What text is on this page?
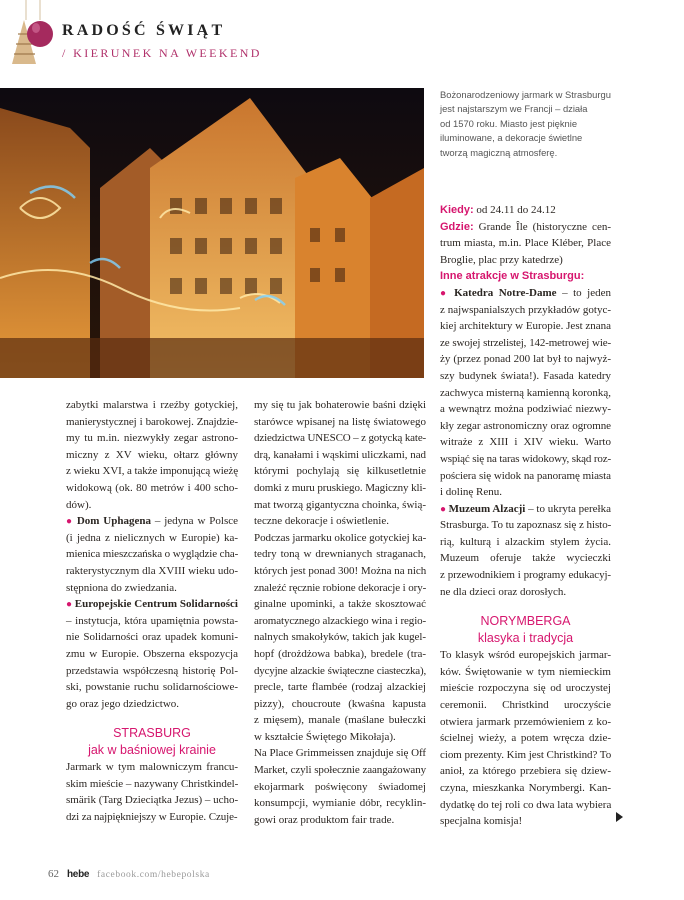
RADOŚĆ ŚWIĄT
/ KIERUNEK NA WEEKEND
Bożonarodzeniowy jarmark w Strasburgu
jest najstarszym we Francji – działa
od 1570 roku. Miasto jest pięknie
iluminowane, a dekoracje świetlne
tworzą magiczną atmosferę.
zabytki malarstwa i rzeźby gotyckiej,
manierystycznej i barokowej. Znajdzie-
my tu m.in. niezwykły zegar astrono-
miczny z XV wieku, ołtarz główny
z wieku XVI, a także imponującą wieżę
widokową (ok. 80 metrów i 400 scho-
dów).
● Dom Uphagena – jedyna w Polsce
(i jedna z nielicznych w Europie) ka-
mienica mieszczańska o wyglądzie cha-
rakterystycznym dla XVIII wieku udo-
stępniona do zwiedzania.
● Europejskie Centrum Solidarności
– instytucja, która upamiętnia powsta-
nie Solidarności oraz upadek komuni-
zmu w Europie. Obszerna ekspozycja
przedstawia współczesną historię Pol-
ski, powstanie ruchu solidarnościowe-
go oraz jego dziedzictwo.
STRASBURG
jak w baśniowej krainie
Jarmark w tym malowniczym francu-
skim mieście – nazywany Christkindel-
smärik (Targ Dzieciątka Jezus) – ucho-
dzi za najpiękniejszy w Europie. Czuje-
my się tu jak bohaterowie baśni dzięki
starówce wpisanej na listę światowego
dziedzictwa UNESCO – z gotycką kate-
drą, kanałami i wąskimi uliczkami, nad
którymi pochylają się kilkusetletnie
domki z muru pruskiego. Magiczny kli-
mat tworzą gigantyczna choinka, świą-
teczne dekoracje i oświetlenie.
Podczas jarmarku okolice gotyckiej ka-
tedry toną w drewnianych straganach,
których jest ponad 300! Można na nich
znaleźć ręcznie robione dekoracje i ory-
ginalne upominki, a także skosztować
aromatycznego alzackiego wina i regio-
nalnych smakołyków, takich jak kugel-
hopf (drożdżowa babka), bredele (tra-
dycyjne alzackie świąteczne ciasteczka),
precle, tarte flambée (rodzaj alzackiej
pizzy), choucroute (kwaśna kapusta
z mięsem), manale (maślane bułeczki
w kształcie Świętego Mikołaja).
Na Place Grimmeissen znajduje się Off
Market, czyli społecznie zaangażowany
ekojarmark poświęcony świadomej
konsumpcji, wymianie dóbr, recyklin-
gowi oraz produktom fair trade.
Kiedy: od 24.11 do 24.12
Gdzie: Grande Île (historyczne cen-
trum miasta, m.in. Place Kléber, Place
Broglie, plac przy katedrze)
Inne atrakcje w Strasburgu:
● Katedra Notre-Dame – to jeden
z najwspanialszych przykładów gotyc-
kiej architektury w Europie. Jest znana
ze swojej strzelistej, 142-metrowej wie-
ży (przez ponad 200 lat był to najwyż-
szy budynek świata!). Fasada katedry
zachwyca misterną kamienną koronką,
a wewnątrz można podziwiać niezwy-
kły zegar astronomiczny oraz ogromne
witraże z XIII i XIV wieku. Warto
wspiąć się na taras widokowy, skąd roz-
pościera się widok na panoramę miasta
i dolinę Renu.
● Muzeum Alzacji – to ukryta perełka
Strasburga. To tu zapoznasz się z histo-
rią, kulturą i alzackim stylem życia.
Muzeum oferuje także wycieczki
z przewodnikiem i programy edukacyj-
ne dla dzieci oraz dorosłych.
NORYMBERGA
klasyka i tradycja
To klasyk wśród europejskich jarmar-
ków. Świętowanie w tym niemieckim
mieście rozpoczyna się od uroczystej
ceremonii. Christkind uroczyście
otwiera jarmark przemówieniem z ko-
ścielnej wieży, a potem wręcza dzie-
ciom prezenty. Kim jest Christkind? To
anioł, za którego przebiera się dziew-
czyna, mieszkanka Norymbergi. Kan-
dydatkę do tej roli co dwa lata wybiera
specjalna komisja!
62 hebe facebook.com/hebepolska
